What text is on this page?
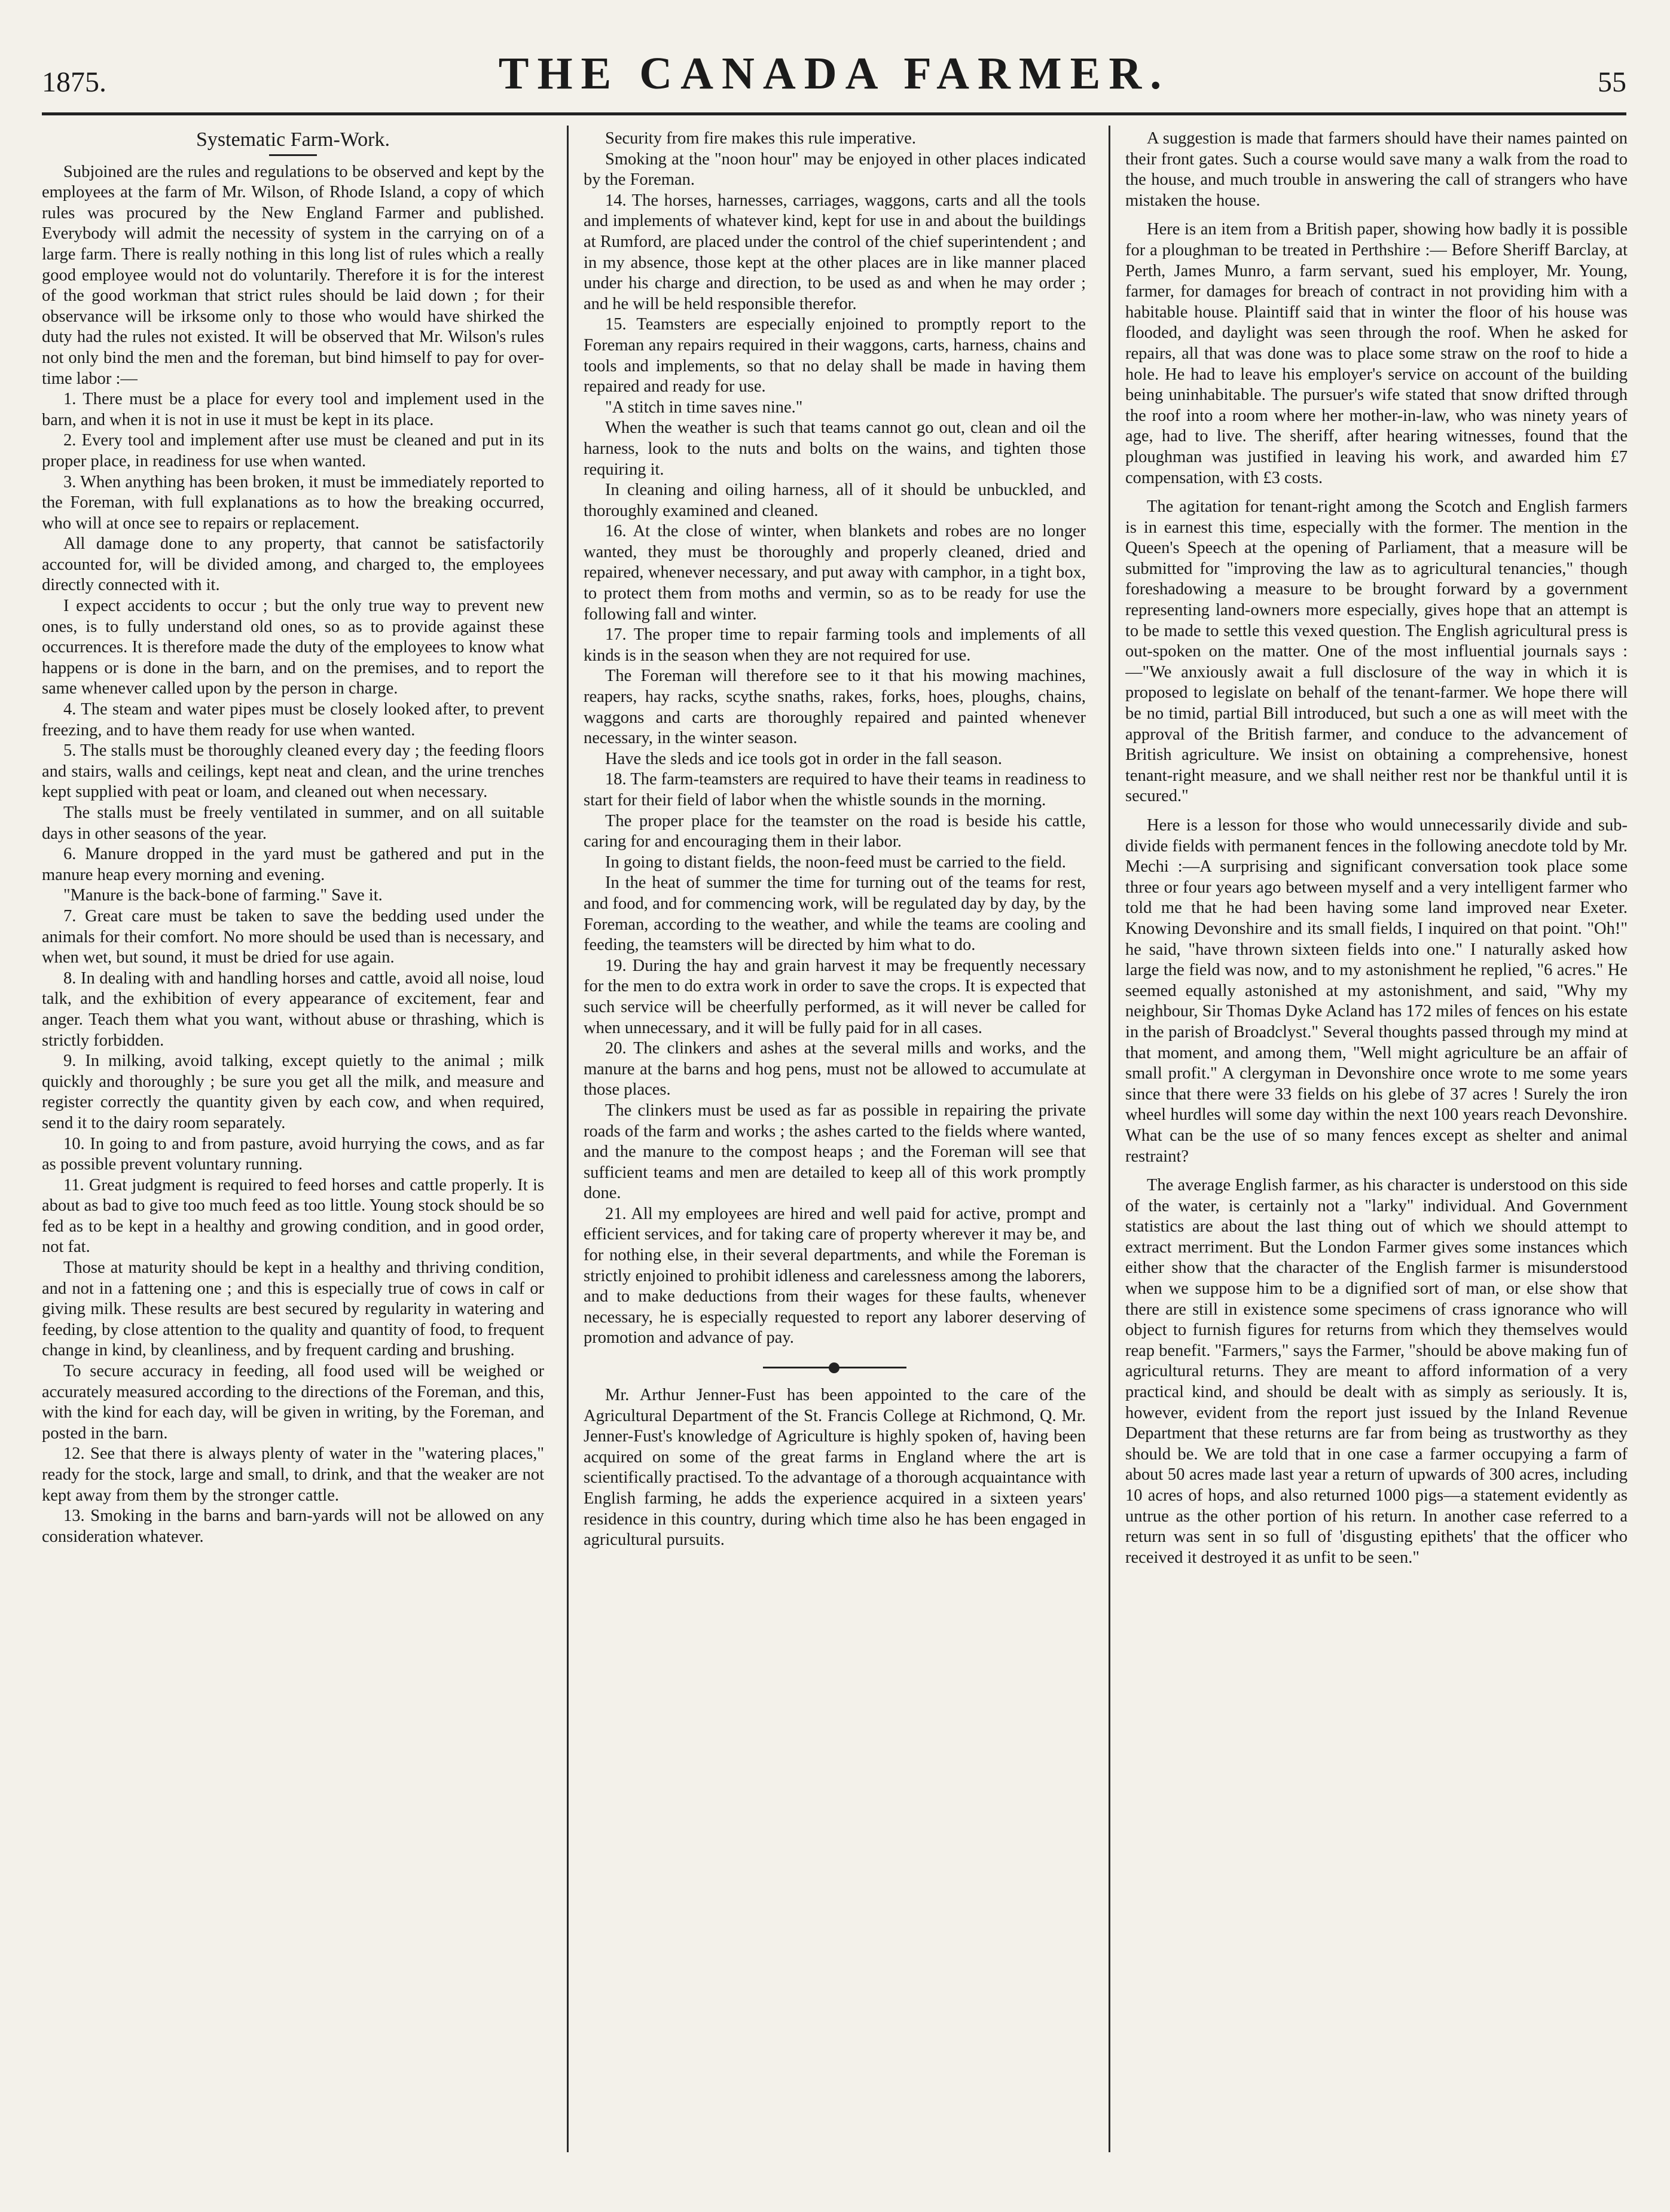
1875.	THE CANADA FARMER.	55
Systematic Farm-Work.

Subjoined are the rules and regulations to be observed and kept by the employees at the farm of Mr. Wilson, of Rhode Island, a copy of which rules was procured by the New England Farmer and published. Everybody will admit the necessity of system in the carrying on of a large farm. There is really nothing in this long list of rules which a really good employee would not do voluntarily. Therefore it is for the interest of the good workman that strict rules should be laid down ; for their observance will be irksome only to those who would have shirked the duty had the rules not existed. It will be observed that Mr. Wilson's rules not only bind the men and the foreman, but bind himself to pay for over-time labor :—

1. There must be a place for every tool and implement used in the barn, and when it is not in use it must be kept in its place.

2. Every tool and implement after use must be cleaned and put in its proper place, in readiness for use when wanted.

3. When anything has been broken, it must be immediately reported to the Foreman, with full explanations as to how the breaking occurred, who will at once see to repairs or replacement.

All damage done to any property, that cannot be satisfactorily accounted for, will be divided among, and charged to, the employees directly connected with it.

I expect accidents to occur ; but the only true way to prevent new ones, is to fully understand old ones, so as to provide against these occurrences. It is therefore made the duty of the employees to know what happens or is done in the barn, and on the premises, and to report the same whenever called upon by the person in charge.

4. The steam and water pipes must be closely looked after, to prevent freezing, and to have them ready for use when wanted.

5. The stalls must be thoroughly cleaned every day ; the feeding floors and stairs, walls and ceilings, kept neat and clean, and the urine trenches kept supplied with peat or loam, and cleaned out when necessary.

The stalls must be freely ventilated in summer, and on all suitable days in other seasons of the year.

6. Manure dropped in the yard must be gathered and put in the manure heap every morning and evening.

"Manure is the back-bone of farming." Save it.

7. Great care must be taken to save the bedding used under the animals for their comfort. No more should be used than is necessary, and when wet, but sound, it must be dried for use again.

8. In dealing with and handling horses and cattle, avoid all noise, loud talk, and the exhibition of every appearance of excitement, fear and anger. Teach them what you want, without abuse or thrashing, which is strictly forbidden.

9. In milking, avoid talking, except quietly to the animal ; milk quickly and thoroughly ; be sure you get all the milk, and measure and register correctly the quantity given by each cow, and when required, send it to the dairy room separately.

10. In going to and from pasture, avoid hurrying the cows, and as far as possible prevent voluntary running.

11. Great judgment is required to feed horses and cattle properly. It is about as bad to give too much feed as too little. Young stock should be so fed as to be kept in a healthy and growing condition, and in good order, not fat.

Those at maturity should be kept in a healthy and thriving condition, and not in a fattening one ; and this is especially true of cows in calf or giving milk. These results are best secured by regularity in watering and feeding, by close attention to the quality and quantity of food, to frequent change in kind, by cleanliness, and by frequent carding and brushing.

To secure accuracy in feeding, all food used will be weighed or accurately measured according to the directions of the Foreman, and this, with the kind for each day, will be given in writing, by the Foreman, and posted in the barn.

12. See that there is always plenty of water in the "watering places," ready for the stock, large and small, to drink, and that the weaker are not kept away from them by the stronger cattle.

13. Smoking in the barns and barn-yards will not be allowed on any consideration whatever.

Security from fire makes this rule imperative.

Smoking at the "noon hour" may be enjoyed in other places indicated by the Foreman.

14. The horses, harnesses, carriages, waggons, carts and all the tools and implements of whatever kind, kept for use in and about the buildings at Rumford, are placed under the control of the chief superintendent ; and in my absence, those kept at the other places are in like manner placed under his charge and direction, to be used as and when he may order ; and he will be held responsible therefor.

15. Teamsters are especially enjoined to promptly report to the Foreman any repairs required in their waggons, carts, harness, chains and tools and implements, so that no delay shall be made in having them repaired and ready for use.

"A stitch in time saves nine."

When the weather is such that teams cannot go out, clean and oil the harness, look to the nuts and bolts on the wains, and tighten those requiring it.

In cleaning and oiling harness, all of it should be unbuckled, and thoroughly examined and cleaned.

16. At the close of winter, when blankets and robes are no longer wanted, they must be thoroughly and properly cleaned, dried and repaired, whenever necessary, and put away with camphor, in a tight box, to protect them from moths and vermin, so as to be ready for use the following fall and winter.

17. The proper time to repair farming tools and implements of all kinds is in the season when they are not required for use.

The Foreman will therefore see to it that his mowing machines, reapers, hay racks, scythe snaths, rakes, forks, hoes, ploughs, chains, waggons and carts are thoroughly repaired and painted whenever necessary, in the winter season.

Have the sleds and ice tools got in order in the fall season.

18. The farm-teamsters are required to have their teams in readiness to start for their field of labor when the whistle sounds in the morning.

The proper place for the teamster on the road is beside his cattle, caring for and encouraging them in their labor.

In going to distant fields, the noon-feed must be carried to the field.

In the heat of summer the time for turning out of the teams for rest, and food, and for commencing work, will be regulated day by day, by the Foreman, according to the weather, and while the teams are cooling and feeding, the teamsters will be directed by him what to do.

19. During the hay and grain harvest it may be frequently necessary for the men to do extra work in order to save the crops. It is expected that such service will be cheerfully performed, as it will never be called for when unnecessary, and it will be fully paid for in all cases.

20. The clinkers and ashes at the several mills and works, and the manure at the barns and hog pens, must not be allowed to accumulate at those places.

The clinkers must be used as far as possible in repairing the private roads of the farm and works ; the ashes carted to the fields where wanted, and the manure to the compost heaps ; and the Foreman will see that sufficient teams and men are detailed to keep all of this work promptly done.

21. All my employees are hired and well paid for active, prompt and efficient services, and for taking care of property wherever it may be, and for nothing else, in their several departments, and while the Foreman is strictly enjoined to prohibit idleness and carelessness among the laborers, and to make deductions from their wages for these faults, whenever necessary, he is especially requested to report any laborer deserving of promotion and advance of pay.

Mr. Arthur Jenner-Fust has been appointed to the care of the Agricultural Department of the St. Francis College at Richmond, Q. Mr. Jenner-Fust's knowledge of Agriculture is highly spoken of, having been acquired on some of the great farms in England where the art is scientifically practised. To the advantage of a thorough acquaintance with English farming, he adds the experience acquired in a sixteen years' residence in this country, during which time also he has been engaged in agricultural pursuits.

A suggestion is made that farmers should have their names painted on their front gates. Such a course would save many a walk from the road to the house, and much trouble in answering the call of strangers who have mistaken the house.

Here is an item from a British paper, showing how badly it is possible for a ploughman to be treated in Perthshire :— Before Sheriff Barclay, at Perth, James Munro, a farm servant, sued his employer, Mr. Young, farmer, for damages for breach of contract in not providing him with a habitable house. Plaintiff said that in winter the floor of his house was flooded, and daylight was seen through the roof. When he asked for repairs, all that was done was to place some straw on the roof to hide a hole. He had to leave his employer's service on account of the building being uninhabitable. The pursuer's wife stated that snow drifted through the roof into a room where her mother-in-law, who was ninety years of age, had to live. The sheriff, after hearing witnesses, found that the ploughman was justified in leaving his work, and awarded him £7 compensation, with £3 costs.

The agitation for tenant-right among the Scotch and English farmers is in earnest this time, especially with the former. The mention in the Queen's Speech at the opening of Parliament, that a measure will be submitted for "improving the law as to agricultural tenancies," though foreshadowing a measure to be brought forward by a government representing land-owners more especially, gives hope that an attempt is to be made to settle this vexed question. The English agricultural press is out-spoken on the matter. One of the most influential journals says :—"We anxiously await a full disclosure of the way in which it is proposed to legislate on behalf of the tenant-farmer. We hope there will be no timid, partial Bill introduced, but such a one as will meet with the approval of the British farmer, and conduce to the advancement of British agriculture. We insist on obtaining a comprehensive, honest tenant-right measure, and we shall neither rest nor be thankful until it is secured."

Here is a lesson for those who would unnecessarily divide and sub-divide fields with permanent fences in the following anecdote told by Mr. Mechi :—A surprising and significant conversation took place some three or four years ago between myself and a very intelligent farmer who told me that he had been having some land improved near Exeter. Knowing Devonshire and its small fields, I inquired on that point. "Oh!" he said, "have thrown sixteen fields into one." I naturally asked how large the field was now, and to my astonishment he replied, "6 acres." He seemed equally astonished at my astonishment, and said, "Why my neighbour, Sir Thomas Dyke Acland has 172 miles of fences on his estate in the parish of Broadclyst." Several thoughts passed through my mind at that moment, and among them, "Well might agriculture be an affair of small profit." A clergyman in Devonshire once wrote to me some years since that there were 33 fields on his glebe of 37 acres ! Surely the iron wheel hurdles will some day within the next 100 years reach Devonshire. What can be the use of so many fences except as shelter and animal restraint?

The average English farmer, as his character is understood on this side of the water, is certainly not a "larky" individual. And Government statistics are about the last thing out of which we should attempt to extract merriment. But the London Farmer gives some instances which either show that the character of the English farmer is misunderstood when we suppose him to be a dignified sort of man, or else show that there are still in existence some specimens of crass ignorance who will object to furnish figures for returns from which they themselves would reap benefit. "Farmers," says the Farmer, "should be above making fun of agricultural returns. They are meant to afford information of a very practical kind, and should be dealt with as simply as seriously. It is, however, evident from the report just issued by the Inland Revenue Department that these returns are far from being as trustworthy as they should be. We are told that in one case a farmer occupying a farm of about 50 acres made last year a return of upwards of 300 acres, including 10 acres of hops, and also returned 1000 pigs—a statement evidently as untrue as the other portion of his return. In another case referred to a return was sent in so full of 'disgusting epithets' that the officer who received it destroyed it as unfit to be seen."
